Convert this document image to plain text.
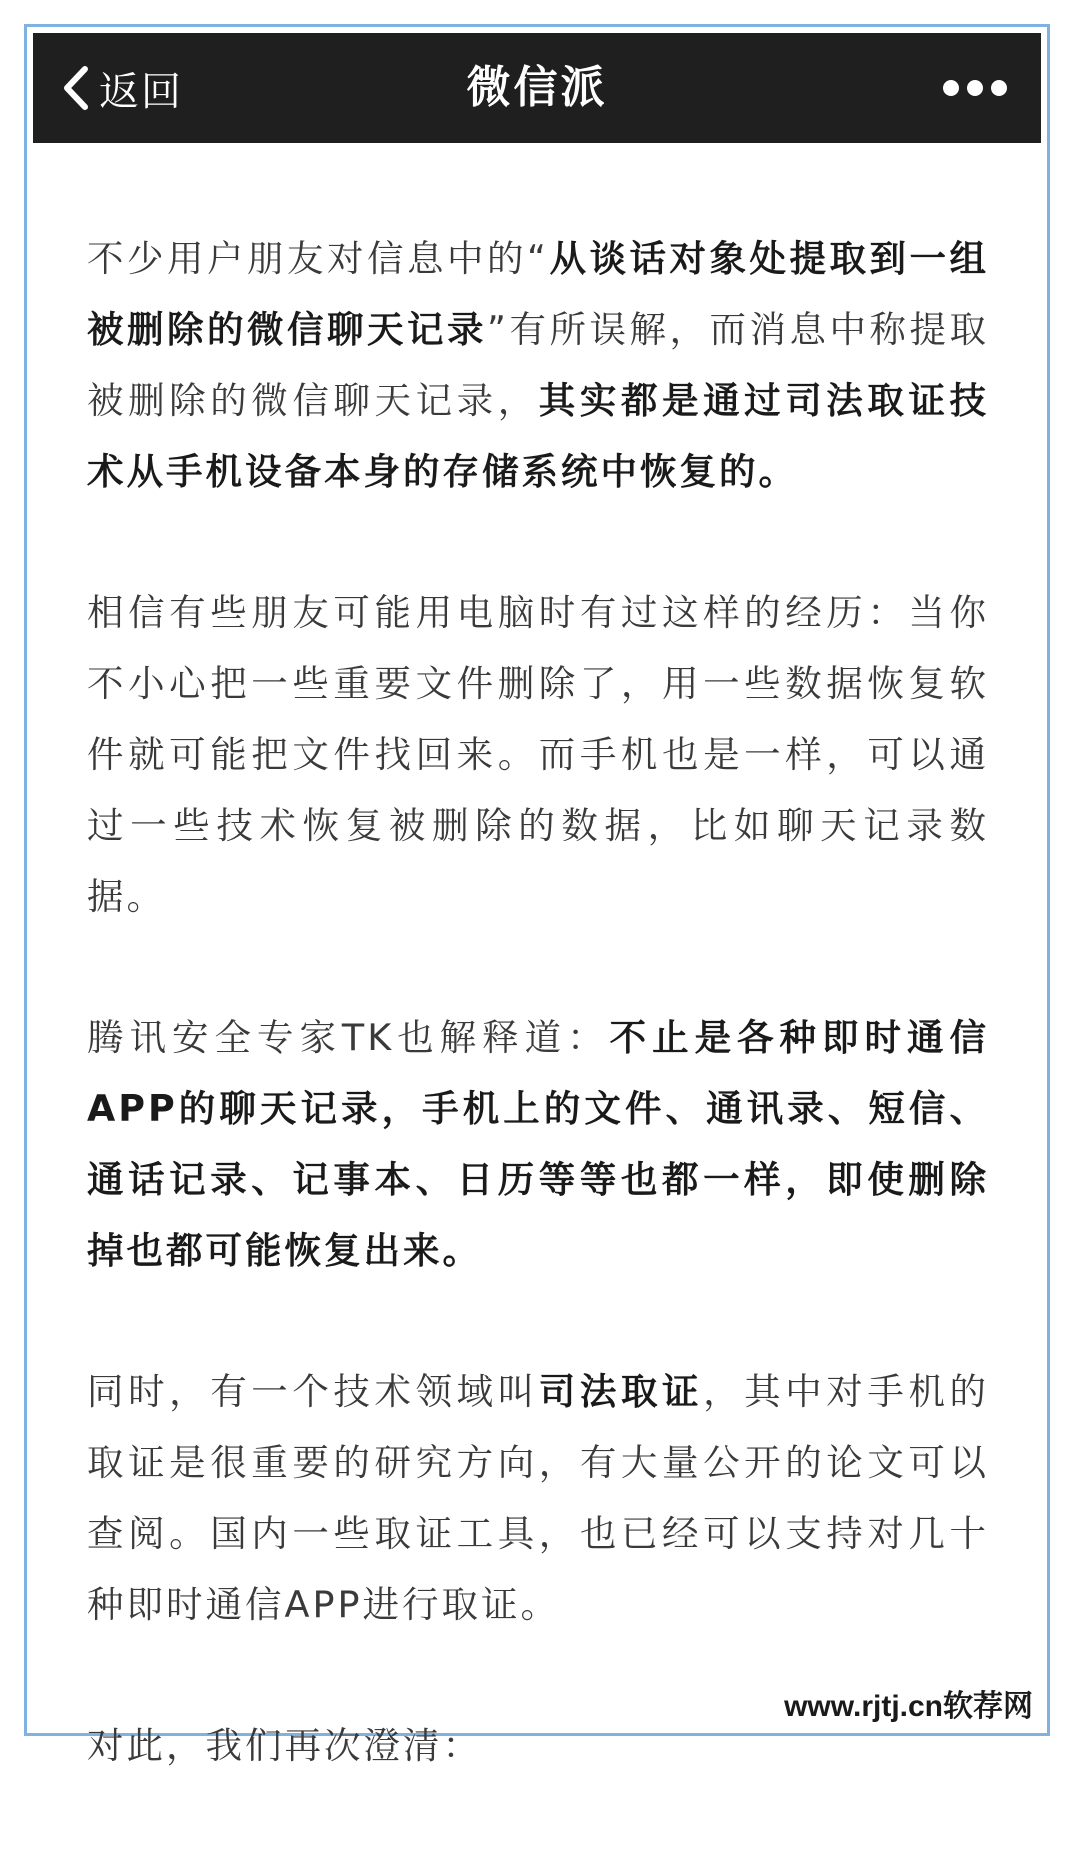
返回	微信派

不少用户朋友对信息中的“从谈话对象处提取到一组被删除的微信聊天记录”有所误解，而消息中称提取被删除的微信聊天记录，其实都是通过司法取证技术从手机设备本身的存储系统中恢复的。

相信有些朋友可能用电脑时有过这样的经历：当你不小心把一些重要文件删除了，用一些数据恢复软件就可能把文件找回来。而手机也是一样，可以通过一些技术恢复被删除的数据，比如聊天记录数据。

腾讯安全专家TK也解释道：不止是各种即时通信APP的聊天记录，手机上的文件、通讯录、短信、通话记录、记事本、日历等等也都一样，即使删除掉也都可能恢复出来。

同时，有一个技术领域叫司法取证，其中对手机的取证是很重要的研究方向，有大量公开的论文可以查阅。国内一些取证工具，也已经可以支持对几十种即时通信APP进行取证。

对此，我们再次澄清：

www.rjtj.cn软荐网
